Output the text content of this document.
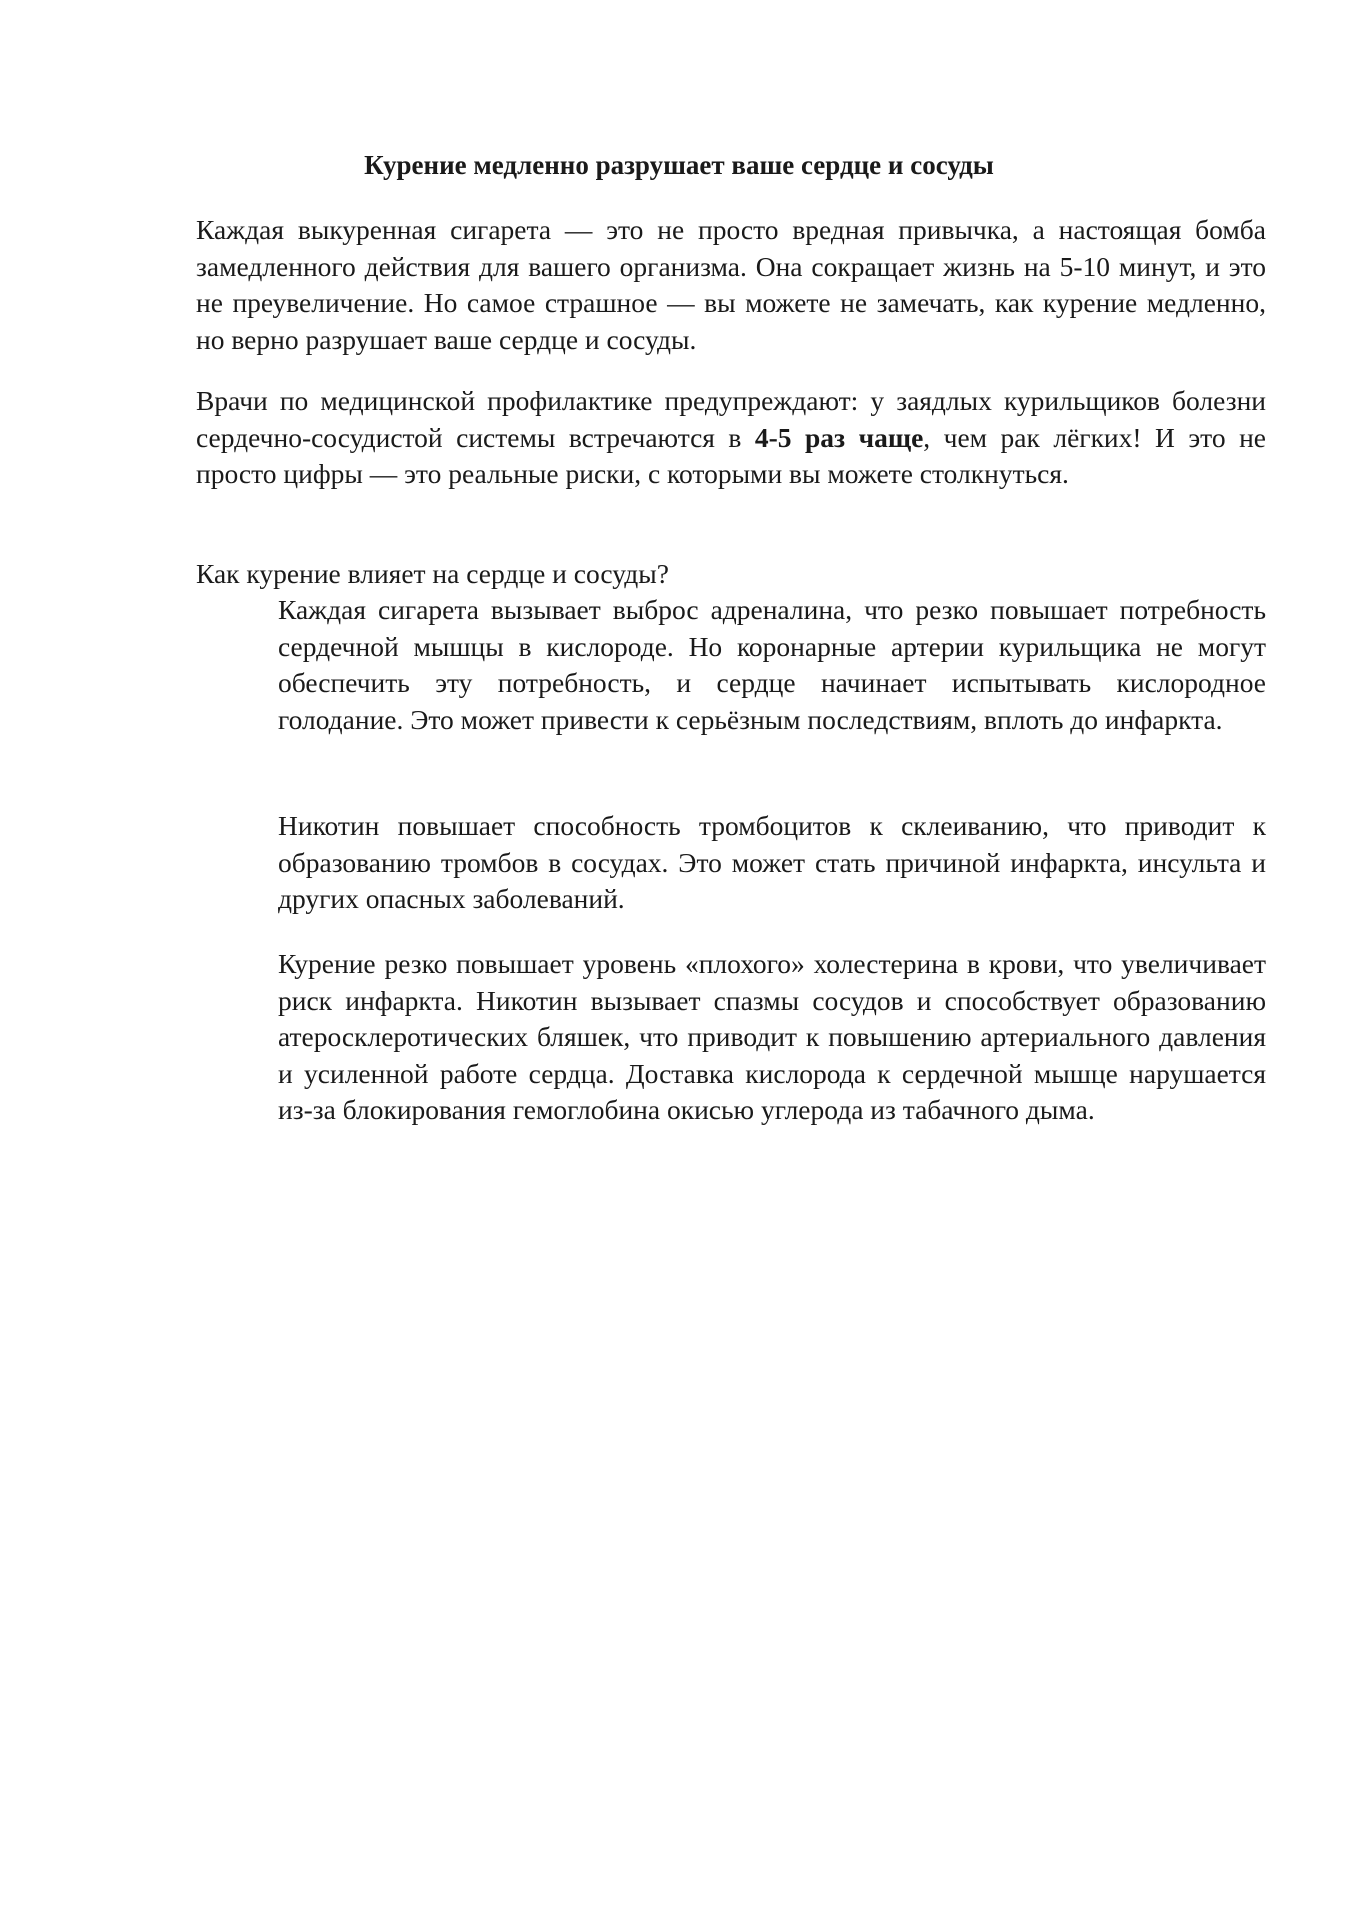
Курение медленно разрушает ваше сердце и сосуды

Каждая выкуренная сигарета — это не просто вредная привычка, а настоящая бомба замедленного действия для вашего организма. Она сокращает жизнь на 5-10 минут, и это не преувеличение. Но самое страшное — вы можете не замечать, как курение медленно, но верно разрушает ваше сердце и сосуды.

Врачи по медицинской профилактике предупреждают: у заядлых курильщиков болезни сердечно-сосудистой системы встречаются в 4-5 раз чаще, чем рак лёгких! И это не просто цифры — это реальные риски, с которыми вы можете столкнуться.

Как курение влияет на сердце и сосуды?

Каждая сигарета вызывает выброс адреналина, что резко повышает потребность сердечной мышцы в кислороде. Но коронарные артерии курильщика не могут обеспечить эту потребность, и сердце начинает испытывать кислородное голодание. Это может привести к серьёзным последствиям, вплоть до инфаркта.

Никотин повышает способность тромбоцитов к склеиванию, что приводит к образованию тромбов в сосудах. Это может стать причиной инфаркта, инсульта и других опасных заболеваний.

Курение резко повышает уровень «плохого» холестерина в крови, что увеличивает риск инфаркта. Никотин вызывает спазмы сосудов и способствует образованию атеросклеротических бляшек, что приводит к повышению артериального давления и усиленной работе сердца. Доставка кислорода к сердечной мышце нарушается из-за блокирования гемоглобина окисью углерода из табачного дыма.
